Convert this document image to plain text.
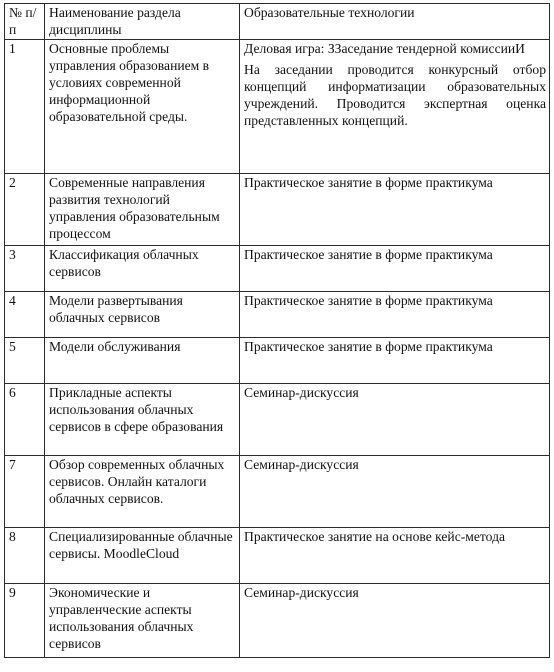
№ п/п	Наименование раздела дисциплины	Образовательные технологии
1	Основные проблемы управления образованием в условиях современной информационной образовательной среды.	Деловая игра: ЗЗаседание тендерной комиссииИ
На заседании проводится конкурсный отбор концепций информатизации образовательных учреждений. Проводится экспертная оценка представленных концепций.

2	Современные направления развития технологий управления образовательным процессом	Практическое занятие в форме практикума
3	Классификация облачных сервисов	Практическое занятие в форме практикума
4	Модели развертывания облачных сервисов	Практическое занятие в форме практикума
5	Модели обслуживания	Практическое занятие в форме практикума
6	Прикладные аспекты использования облачных сервисов в сфере образования	Семинар-дискуссия
7	Обзор современных облачных сервисов. Онлайн каталоги облачных сервисов.	Семинар-дискуссия
8	Специализированные облачные сервисы. MoodleCloud	Практическое занятие на основе кейс-метода
9	Экономические и управленческие аспекты использования облачных сервисов	Семинар-дискуссия
